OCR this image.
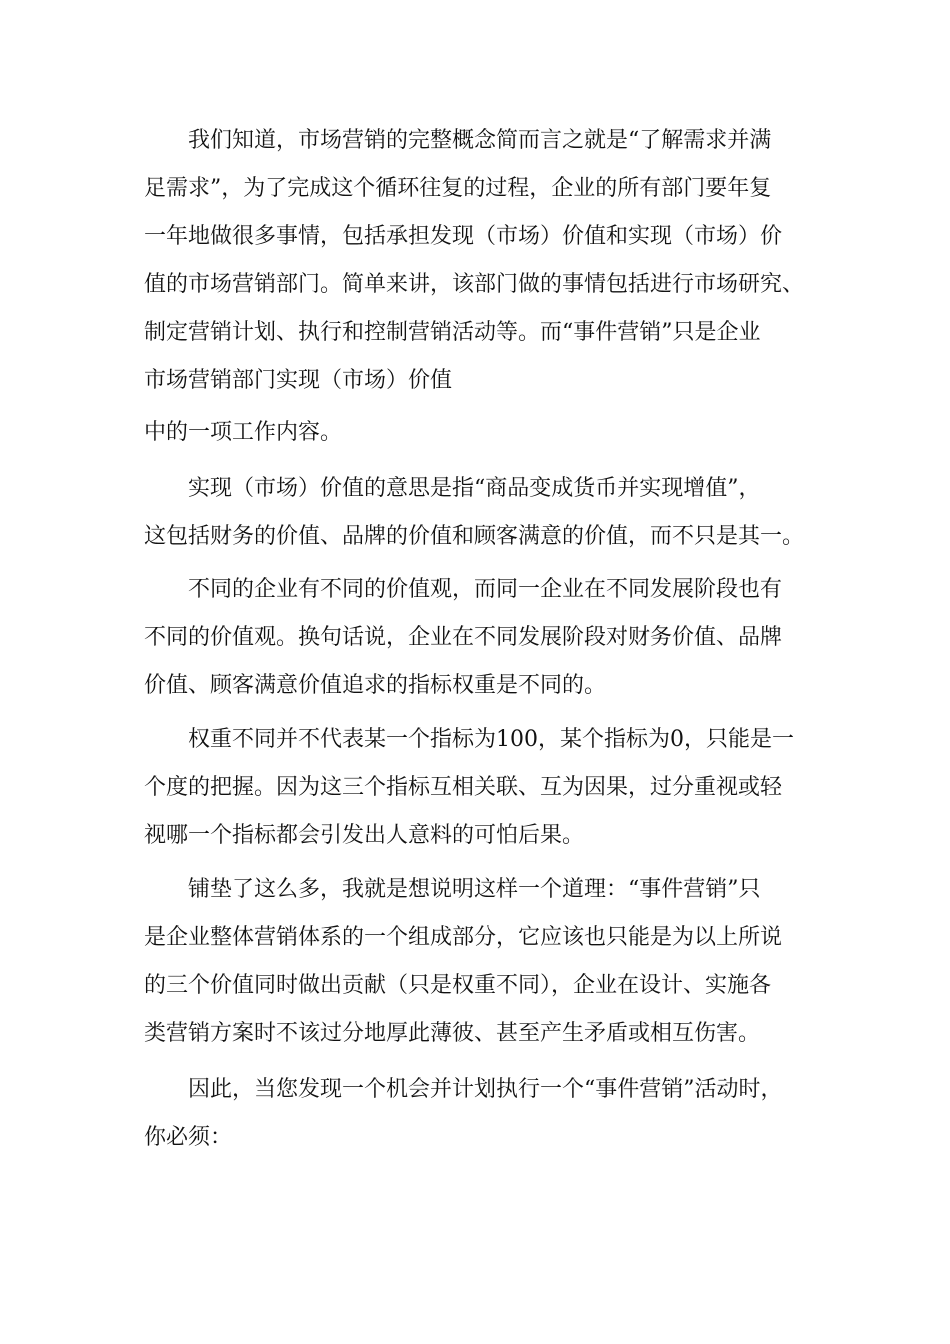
　　我们知道，市场营销的完整概念简而言之就是“了解需求并满
足需求”，为了完成这个循环往复的过程，企业的所有部门要年复
一年地做很多事情，包括承担发现（市场）价值和实现（市场）价
值的市场营销部门。简单来讲，该部门做的事情包括进行市场研究、
制定营销计划、执行和控制营销活动等。而“事件营销”只是企业
市场营销部门实现（市场）价值
中的一项工作内容。
　　实现（市场）价值的意思是指“商品变成货币并实现增值”，
这包括财务的价值、品牌的价值和顾客满意的价值，而不只是其一。
　　不同的企业有不同的价值观，而同一企业在不同发展阶段也有
不同的价值观。换句话说，企业在不同发展阶段对财务价值、品牌
价值、顾客满意价值追求的指标权重是不同的。
　　权重不同并不代表某一个指标为100，某个指标为0，只能是一
个度的把握。因为这三个指标互相关联、互为因果，过分重视或轻
视哪一个指标都会引发出人意料的可怕后果。
　　铺垫了这么多，我就是想说明这样一个道理：“事件营销”只
是企业整体营销体系的一个组成部分，它应该也只能是为以上所说
的三个价值同时做出贡献（只是权重不同），企业在设计、实施各
类营销方案时不该过分地厚此薄彼、甚至产生矛盾或相互伤害。
　　因此，当您发现一个机会并计划执行一个“事件营销”活动时，
你必须：
